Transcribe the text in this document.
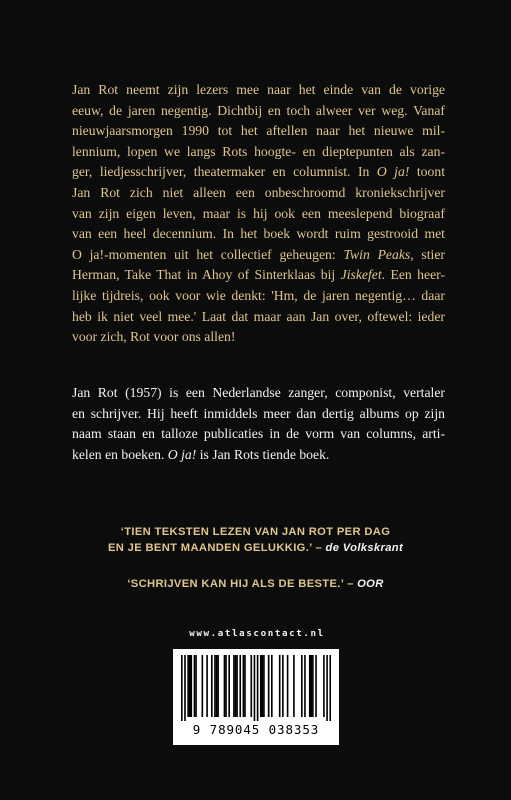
Jan Rot neemt zijn lezers mee naar het einde van de vorige
eeuw, de jaren negentig. Dichtbij en toch alweer ver weg. Vanaf
nieuwjaarsmorgen 1990 tot het aftellen naar het nieuwe mil-
lennium, lopen we langs Rots hoogte- en dieptepunten als zan-
ger, liedjesschrijver, theatermaker en columnist. In O ja! toont
Jan Rot zich niet alleen een onbeschroomd kroniekschrijver
van zijn eigen leven, maar is hij ook een meeslepend biograaf
van een heel decennium. In het boek wordt ruim gestrooid met
O ja!-momenten uit het collectief geheugen: Twin Peaks, stier
Herman, Take That in Ahoy of Sinterklaas bij Jiskefet. Een heer-
lijke tijdreis, ook voor wie denkt: 'Hm, de jaren negentig… daar
heb ik niet veel mee.' Laat dat maar aan Jan over, oftewel: ieder
voor zich, Rot voor ons allen!
Jan Rot (1957) is een Nederlandse zanger, componist, vertaler
en schrijver. Hij heeft inmiddels meer dan dertig albums op zijn
naam staan en talloze publicaties in de vorm van columns, arti-
kelen en boeken. O ja! is Jan Rots tiende boek.
‘TIEN TEKSTEN LEZEN VAN JAN ROT PER DAG
EN JE BENT MAANDEN GELUKKIG.’ – de Volkskrant
‘SCHRIJVEN KAN HIJ ALS DE BESTE.’ – OOR
www.atlascontact.nl
9 789045 038353
